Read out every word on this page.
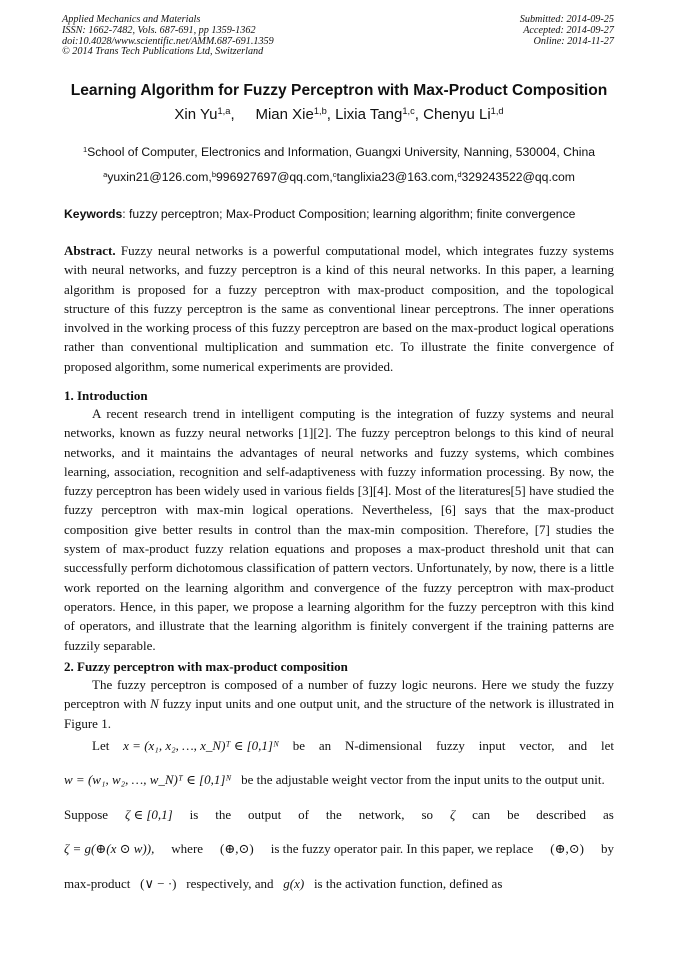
Applied Mechanics and Materials
ISSN: 1662-7482, Vols. 687-691, pp 1359-1362
doi:10.4028/www.scientific.net/AMM.687-691.1359
© 2014 Trans Tech Publications Ltd, Switzerland
Submitted: 2014-09-25
Accepted: 2014-09-27
Online: 2014-11-27
Learning Algorithm for Fuzzy Perceptron with Max-Product Composition
Xin Yu$^{1,a}$,     Mian Xie$^{1,b}$, Lixia Tang$^{1,c}$, Chenyu Li$^{1,d}$
$^1$School of Computer, Electronics and Information, Guangxi University, Nanning, 530004, China
$^a$yuxin21@126.com,$^b$996927697@qq.com,$^c$tanglixia23@163.com,$^d$329243522@qq.com
Keywords: fuzzy perceptron; Max-Product Composition; learning algorithm; finite convergence
Abstract. Fuzzy neural networks is a powerful computational model, which integrates fuzzy systems with neural networks, and fuzzy perceptron is a kind of this neural networks. In this paper, a learning algorithm is proposed for a fuzzy perceptron with max-product composition, and the topological structure of this fuzzy perceptron is the same as conventional linear perceptrons. The inner operations involved in the working process of this fuzzy perceptron are based on the max-product logical operations rather than conventional multiplication and summation etc. To illustrate the finite convergence of proposed algorithm, some numerical experiments are provided.
1. Introduction
A recent research trend in intelligent computing is the integration of fuzzy systems and neural networks, known as fuzzy neural networks [1][2]. The fuzzy perceptron belongs to this kind of neural networks, and it maintains the advantages of neural networks and fuzzy systems, which combines learning, association, recognition and self-adaptiveness with fuzzy information processing. By now, the fuzzy perceptron has been widely used in various fields [3][4]. Most of the literatures[5] have studied the fuzzy perceptron with max-min logical operations. Nevertheless, [6] says that the max-product composition give better results in control than the max-min composition. Therefore, [7] studies the system of max-product fuzzy relation equations and proposes a max-product threshold unit that can successfully perform dichotomous classification of pattern vectors. Unfortunately, by now, there is a little work reported on the learning algorithm and convergence of the fuzzy perceptron with max-product operators. Hence, in this paper, we propose a learning algorithm for the fuzzy perceptron with this kind of operators, and illustrate that the learning algorithm is finitely convergent if the training patterns are fuzzily separable.
2. Fuzzy perceptron with max-product composition
The fuzzy perceptron is composed of a number of fuzzy logic neurons. Here we study the fuzzy perceptron with N fuzzy input units and one output unit, and the structure of the network is illustrated in Figure 1.
Let x = (x₁, x₂, …, x_N)ᵀ ∈ [0,1]ᴺ be an N-dimensional fuzzy input vector, and let
w = (w₁, w₂, …, w_N)ᵀ ∈ [0,1]ᴺ be the adjustable weight vector from the input units to the output unit.
Suppose ζ ∈ [0,1] is the output of the network, so ζ can be described as
ζ = g(⊕(x ⊙ w)), where (⊕,⊙) is the fuzzy operator pair. In this paper, we replace (⊕,⊙) by
max-product (∨ − ·) respectively, and g(x) is the activation function, defined as
